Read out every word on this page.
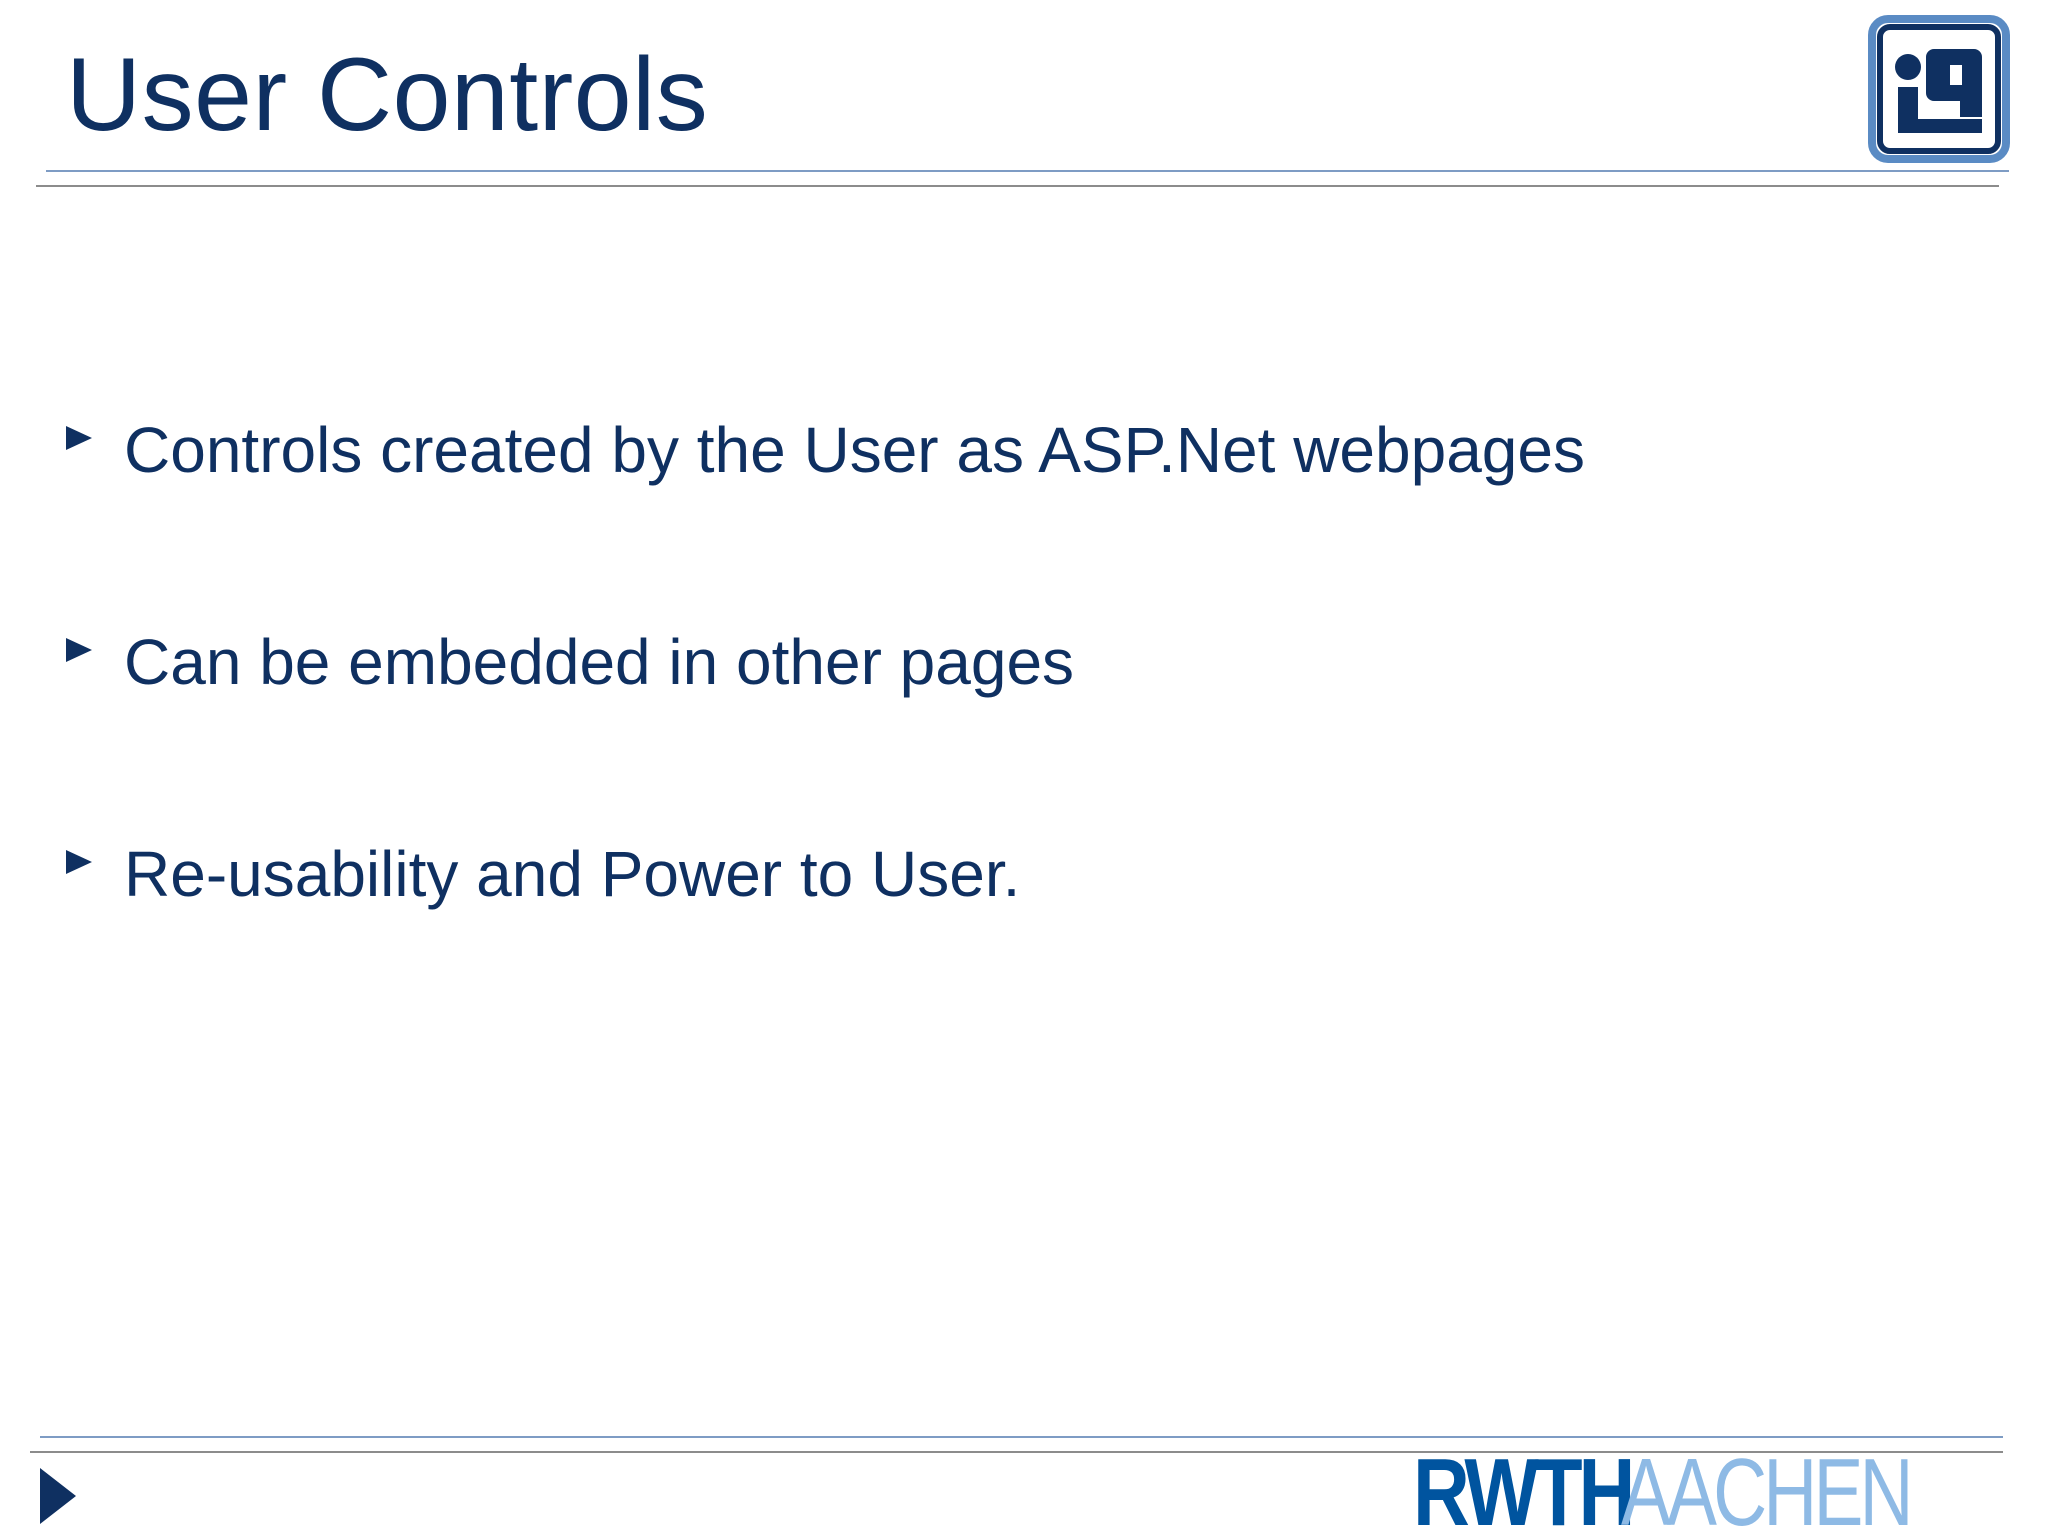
User Controls
Controls created by the User as ASP.Net webpages
Can be embedded in other pages
Re-usability and Power to User.
RWTH
AACHEN
